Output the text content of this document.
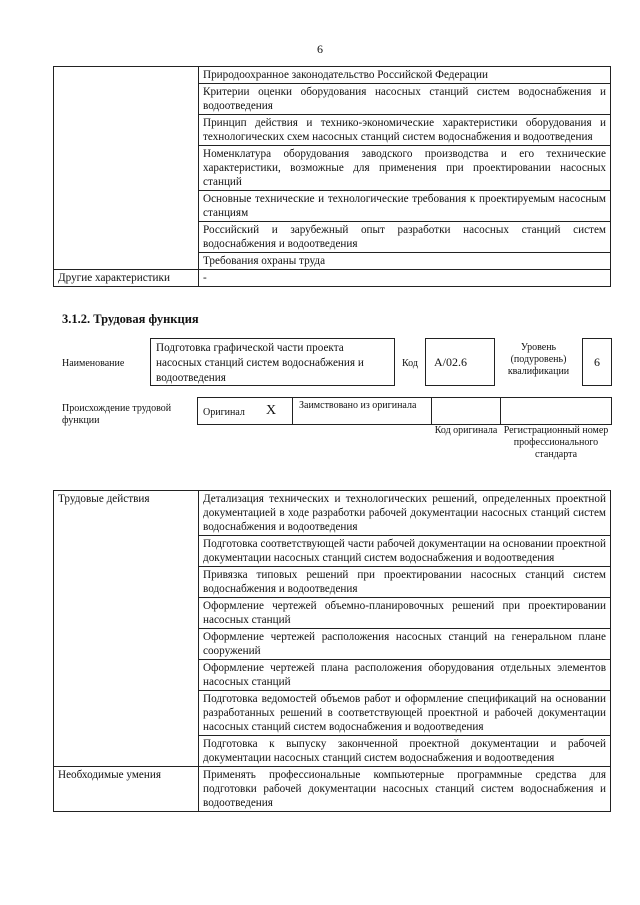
6
	Природоохранное законодательство Российской Федерации
	Критерии оценки оборудования насосных станций систем водоснабжения и водоотведения
	Принцип действия и технико-экономические характеристики оборудования и технологических схем насосных станций систем водоснабжения и водоотведения
	Номенклатура оборудования заводского производства и его технические характеристики, возможные для применения при проектировании насосных станций
	Основные технические и технологические требования к проектируемым насосным станциям
	Российский и зарубежный опыт разработки насосных станций систем водоснабжения и водоотведения
	Требования охраны труда
Другие характеристики	-
3.1.2. Трудовая функция
Наименование
Подготовка графической части проекта насосных станций систем водоснабжения и водоотведения
Код	А/02.6
Уровень (подуровень) квалификации
6
Происхождение трудовой функции
Оригинал X Заимствовано из оригинала
Код оригинала Регистрационный номер профессионального стандарта
Трудовые действия	Детализация технических и технологических решений, определенных проектной документацией в ходе разработки рабочей документации насосных станций систем водоснабжения и водоотведения
	Подготовка соответствующей части рабочей документации на основании проектной документации насосных станций систем водоснабжения и водоотведения
	Привязка типовых решений при проектировании насосных станций систем водоснабжения и водоотведения
	Оформление чертежей объемно-планировочных решений при проектировании насосных станций
	Оформление чертежей расположения насосных станций на генеральном плане сооружений
	Оформление чертежей плана расположения оборудования отдельных элементов насосных станций
	Подготовка ведомостей объемов работ и оформление спецификаций на основании разработанных решений в соответствующей проектной и рабочей документации насосных станций систем водоснабжения и водоотведения
	Подготовка к выпуску законченной проектной документации и рабочей документации насосных станций систем водоснабжения и водоотведения
Необходимые умения	Применять профессиональные компьютерные программные средства для подготовки рабочей документации насосных станций систем водоснабжения и водоотведения
